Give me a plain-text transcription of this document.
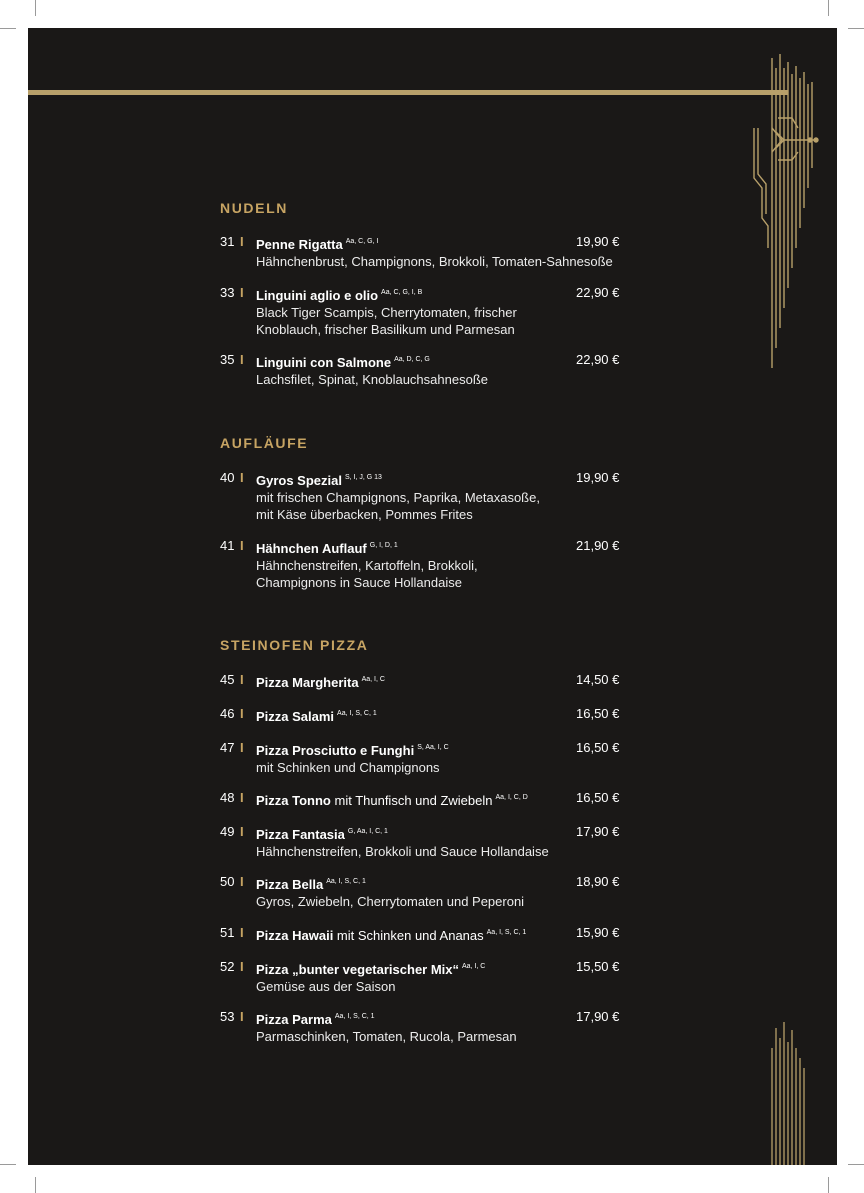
NUDELN
31 I Penne Rigatta $^{Aa, C, G, I}$
Hähnchenbrust, Champignons, Brokkoli, Tomaten-Sahnesoße
19,90 €
33 I Linguini aglio e olio $^{Aa, C, G, I, B}$
Black Tiger Scampis, Cherrytomaten, frischer
Knoblauch, frischer Basilikum und Parmesan
22,90 €
35 I Linguini con Salmone $^{Aa, D, C, G}$
Lachsfilet, Spinat, Knoblauchsahnesoße
22,90 €
AUFLÄUFE
40 I Gyros Spezial $^{S, I, J, G 13}$
mit frischen Champignons, Paprika, Metaxasoße,
mit Käse überbacken, Pommes Frites
19,90 €
41 I Hähnchen Auflauf $^{G, I, D, 1}$
Hähnchenstreifen, Kartoffeln, Brokkoli,
Champignons in Sauce Hollandaise
21,90 €
STEINOFEN PIZZA
45 I Pizza Margherita $^{Aa, I, C}$	14,50 €
46 I Pizza Salami $^{Aa, I, S, C, 1}$	16,50 €
47 I Pizza Prosciutto e Funghi $^{S, Aa, I, C}$
mit Schinken und Champignons
16,50 €
48 I Pizza Tonno mit Thunfisch und Zwiebeln $^{Aa, I, C, D}$	16,50 €
49 I Pizza Fantasia $^{G, Aa, I, C, 1}$
Hähnchenstreifen, Brokkoli und Sauce Hollandaise
17,90 €
50 I Pizza Bella $^{Aa, I, S, C, 1}$
Gyros, Zwiebeln, Cherrytomaten und Peperoni
18,90 €
51 I Pizza Hawaii mit Schinken und Ananas $^{Aa, I, S, C, 1}$	15,90 €
52 I Pizza „bunter vegetarischer Mix“ $^{Aa, I, C}$
Gemüse aus der Saison
15,50 €
53 I Pizza Parma $^{Aa, I, S, C, 1}$
Parmaschinken, Tomaten, Rucola, Parmesan
17,90 €
